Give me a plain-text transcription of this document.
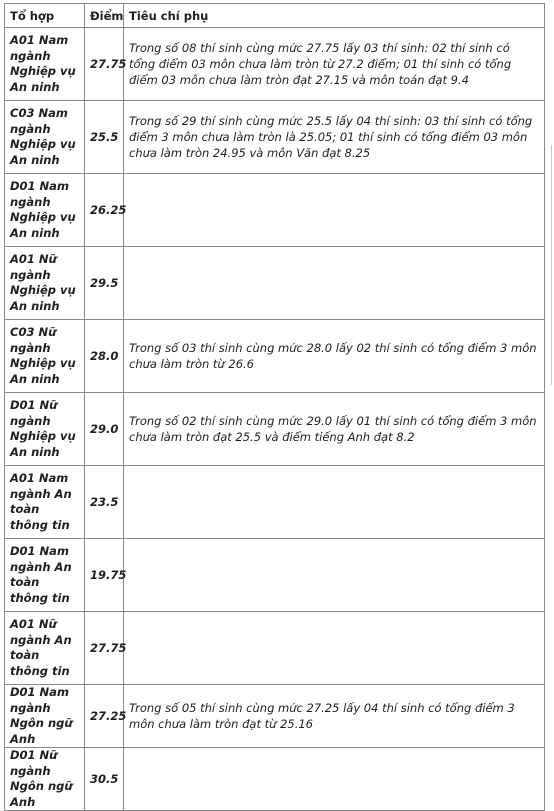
Tổ hợp	Điểm	Tiêu chí phụ
A01 Nam ngành Nghiệp vụ An ninh	27.75	Trong số 08 thí sinh cùng mức 27.75 lấy 03 thí sinh: 02 thí sinh có tổng điểm 03 môn chưa làm tròn từ 27.2 điểm; 01 thí sinh có tổng điểm 03 môn chưa làm tròn đạt 27.15 và môn toán đạt 9.4
C03 Nam ngành Nghiệp vụ An ninh	25.5	Trong số 29 thí sinh cùng mức 25.5 lấy 04 thí sinh: 03 thí sinh có tổng điểm 3 môn chưa làm tròn là 25.05; 01 thí sinh có tổng điểm 03 môn chưa làm tròn 24.95 và môn Văn đạt 8.25
D01 Nam ngành Nghiệp vụ An ninh	26.25	
A01 Nữ ngành Nghiệp vụ An ninh	29.5	
C03 Nữ ngành Nghiệp vụ An ninh	28.0	Trong số 03 thí sinh cùng mức 28.0 lấy 02 thí sinh có tổng điểm 3 môn chưa làm tròn từ 26.6
D01 Nữ ngành Nghiệp vụ An ninh	29.0	Trong số 02 thí sinh cùng mức 29.0 lấy 01 thí sinh có tổng điểm 3 môn chưa làm tròn đạt 25.5 và điểm tiếng Anh đạt 8.2
A01 Nam ngành An toàn thông tin	23.5	
D01 Nam ngành An toàn thông tin	19.75	
A01 Nữ ngành An toàn thông tin	27.75	
D01 Nam ngành Ngôn ngữ Anh	27.25	Trong số 05 thí sinh cùng mức 27.25 lấy 04 thí sinh có tổng điểm 3 môn chưa làm tròn đạt từ 25.16
D01 Nữ ngành Ngôn ngữ Anh	30.5	
